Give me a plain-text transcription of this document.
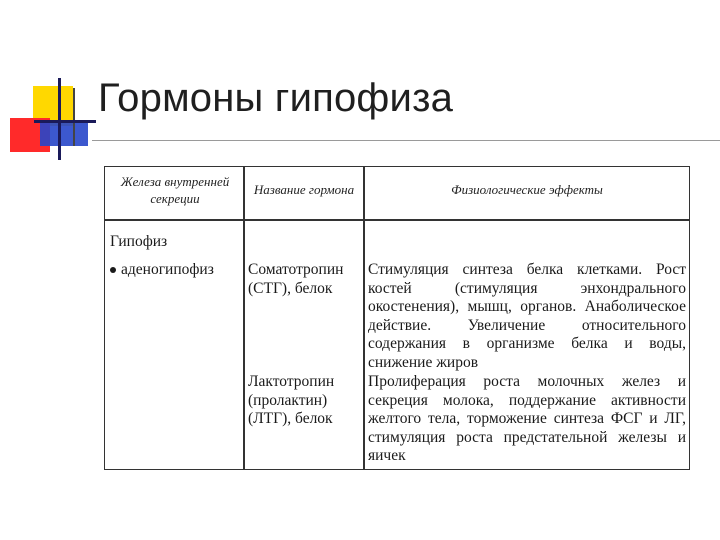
Гормоны гипофиза
Железа внутренней секреции
Название гормона	Физиологические эффекты
Гипофиз
аденогипофиз Соматотропин (СТГ), белок
Стимуляция синтеза белка клетками. Рост костей (стимуляция энхондрального окостенения), мышц, органов. Анаболическое действие. Увеличение относительного содержания в организме белка и воды, снижение жиров
Лактотропин (пролактин) (ЛТГ), белок
Пролиферация роста молочных желез и секреция молока, поддержание активности желтого тела, торможение синтеза ФСГ и ЛГ, стимуляция роста предстательной железы и яичек
